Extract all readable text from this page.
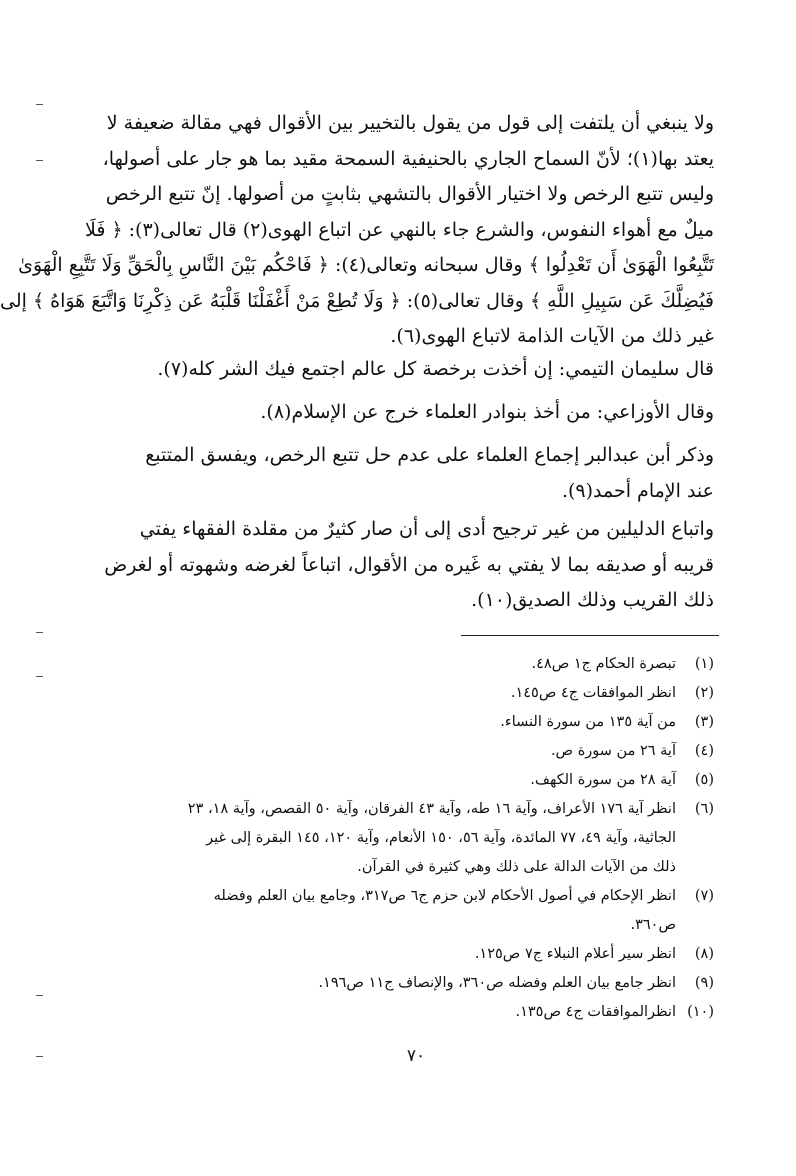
ولا ينبغي أن يلتفت إلى قول من يقول بالتخيير بين الأقوال فهي مقالة ضعيفة لا
يعتد بها(١)؛ لأنّ السماح الجاري بالحنيفية السمحة مقيد بما هو جار على أصولها،
وليس تتبع الرخص ولا اختيار الأقوال بالتشهي بثابتٍ من أصولها. إنّ تتبع الرخص
ميلٌ مع أهواء النفوس، والشرع جاء بالنهي عن اتباع الهوى(٢) قال تعالى(٣): ﴿ فَلَا
تَتَّبِعُوا الْهَوَىٰ أَن تَعْدِلُوا ﴾ وقال سبحانه وتعالى(٤): ﴿ فَاحْكُم بَيْنَ النَّاسِ بِالْحَقِّ وَلَا تَتَّبِعِ الْهَوَىٰ
فَيُضِلَّكَ عَن سَبِيلِ اللَّهِ ﴾ وقال تعالى(٥): ﴿ وَلَا تُطِعْ مَنْ أَغْفَلْنَا قَلْبَهُ عَن ذِكْرِنَا وَاتَّبَعَ هَوَاهُ ﴾ إلى
غير ذلك من الآيات الذامة لاتباع الهوى(٦).
قال سليمان التيمي: إن أخذت برخصة كل عالم اجتمع فيك الشر كله(٧).
وقال الأوزاعي: من أخذ بنوادر العلماء خرج عن الإسلام(٨).
وذكر أبن عبدالبر إجماع العلماء على عدم حل تتبع الرخص، ويفسق المتتبع
عند الإمام أحمد(٩).
واتباع الدليلين من غير ترجيح أدى إلى أن صار كثيرٌ من مقلدة الفقهاء يفتي
قريبه أو صديقه بما لا يفتي به غَيره من الأقوال، اتباعاً لغرضه وشهوته أو لغرض
ذلك القريب وذلك الصديق(١٠).
(١)
تبصرة الحكام ج١ ص٤٨.
(٢)
انظر الموافقات ج٤ ص١٤٥.
(٣)
من آية ١٣٥ من سورة النساء.
(٤)
آية ٢٦ من سورة ص.
(٥)
آية ٢٨ من سورة الكهف.
(٦)
انظر آية ١٧٦ الأعراف، وآية ١٦ طه، وآية ٤٣ الفرقان، وآية ٥٠ القصص، وآية ١٨، ٢٣
الجاثية، وآية ٤٩، ٧٧ المائدة، وآية ٥٦، ١٥٠ الأنعام، وآية ١٢٠، ١٤٥ البقرة إلى غير
ذلك من الآيات الدالة على ذلك وهي كثيرة في القرآن.
(٧)
انظر الإحكام في أصول الأحكام لابن حزم ج٦ ص٣١٧، وجامع بيان العلم وفضله
ص٣٦٠.
(٨)
انظر سير أعلام النبلاء ج٧ ص١٢٥.
(٩)
انظر جامع بيان العلم وفضله ص٣٦٠، والإنصاف ج١١ ص١٩٦.
(١٠)
انظرالموافقات ج٤ ص١٣٥.
٧٠
